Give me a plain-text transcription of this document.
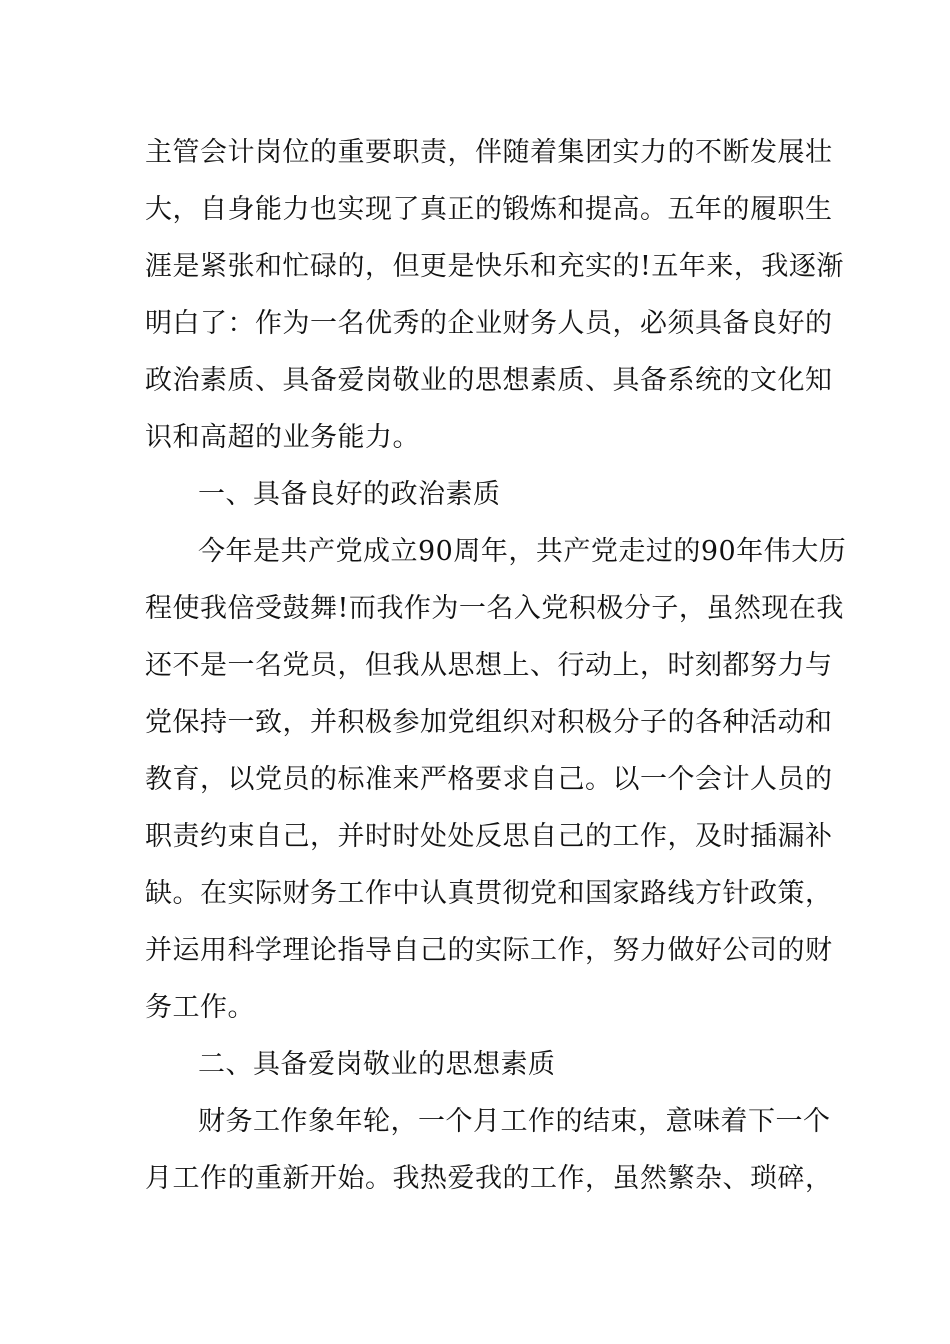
主管会计岗位的重要职责，伴随着集团实力的不断发展壮
大，自身能力也实现了真正的锻炼和提高。五年的履职生
涯是紧张和忙碌的，但更是快乐和充实的!五年来，我逐渐
明白了：作为一名优秀的企业财务人员，必须具备良好的
政治素质、具备爱岗敬业的思想素质、具备系统的文化知
识和高超的业务能力。
一、具备良好的政治素质
今年是共产党成立90周年，共产党走过的90年伟大历
程使我倍受鼓舞!而我作为一名入党积极分子，虽然现在我
还不是一名党员，但我从思想上、行动上，时刻都努力与
党保持一致，并积极参加党组织对积极分子的各种活动和
教育，以党员的标准来严格要求自己。以一个会计人员的
职责约束自己，并时时处处反思自己的工作，及时插漏补
缺。在实际财务工作中认真贯彻党和国家路线方针政策，
并运用科学理论指导自己的实际工作，努力做好公司的财
务工作。
二、具备爱岗敬业的思想素质
财务工作象年轮，一个月工作的结束，意味着下一个
月工作的重新开始。我热爱我的工作，虽然繁杂、琐碎，
